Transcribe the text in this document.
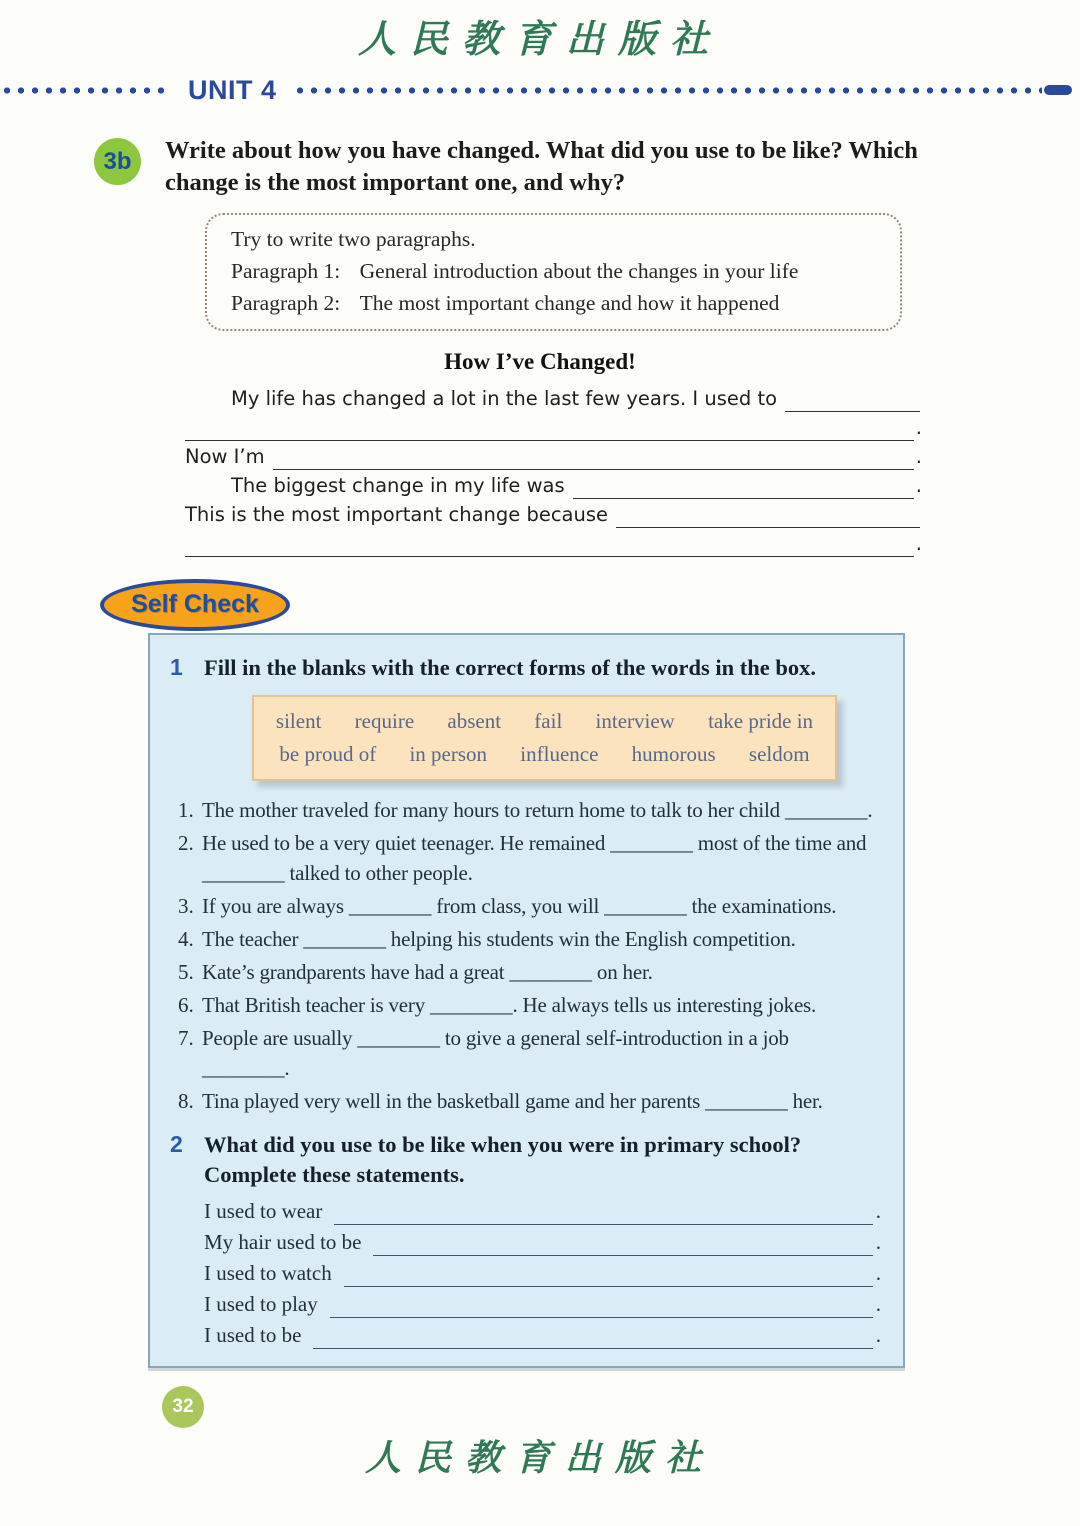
人民教育出版社
UNIT 4
3b	Write about how you have changed. What did you use to be like? Which change is the most important one, and why?
Try to write two paragraphs.
Paragraph 1: General introduction about the changes in your life
Paragraph 2: The most important change and how it happened
How I’ve Changed!
My life has changed a lot in the last few years. I used to
.
Now I’m	.
The biggest change in my life was	.
This is the most important change because
.
Self Check
1 Fill in the blanks with the correct forms of the words in the box.
silent require absent fail interview take pride in
be proud of in person influence humorous seldom
1. The mother traveled for many hours to return home to talk to her child ________.
2. He used to be a very quiet teenager. He remained ________ most of the time and ________ talked to other people.
3. If you are always ________ from class, you will ________ the examinations.
4. The teacher ________ helping his students win the English competition.
5. Kate’s grandparents have had a great ________ on her.
6. That British teacher is very ________. He always tells us interesting jokes.
7. People are usually ________ to give a general self-introduction in a job ________.
8. Tina played very well in the basketball game and her parents ________ her.
2 What did you use to be like when you were in primary school? Complete these statements.
I used to wear	.
My hair used to be	.
I used to watch	.
I used to play	.
I used to be	.
32
人民教育出版社
